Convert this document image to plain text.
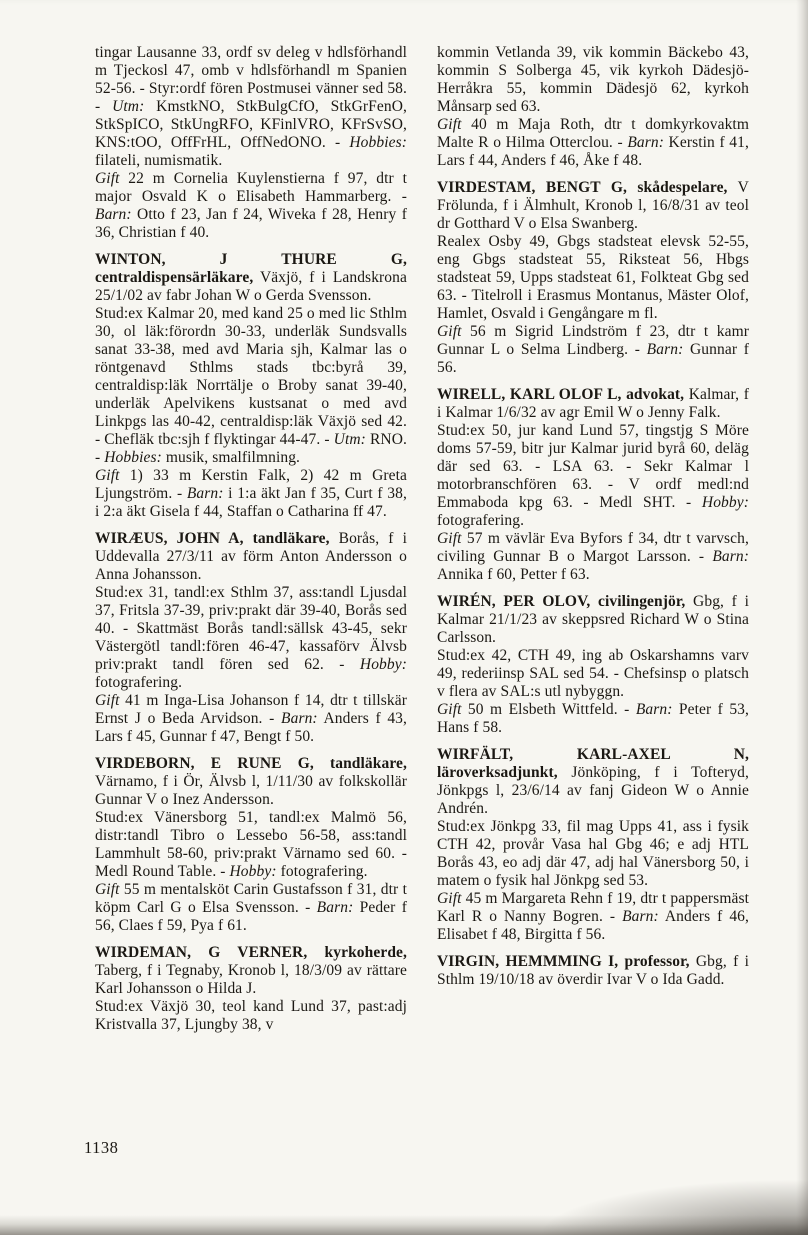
tingar Lausanne 33, ordf sv deleg v hdlsförhandl m Tjeckosl 47, omb v hdlsförhandl m Spanien 52-56. - Styr:ordf fören Postmusei vänner sed 58. - Utm: KmstkNO, StkBulgCfO, StkGrFenO, StkSpICO, StkUngRFO, KFinlVRO, KFrSvSO, KNS:tOO, OffFrHL, OffNedONO. - Hobbies: filateli, numismatik.

Gift 22 m Cornelia Kuylenstierna f 97, dtr t major Osvald K o Elisabeth Hammarberg. - Barn: Otto f 23, Jan f 24, Wiveka f 28, Henry f 36, Christian f 40.

WINTON, J THURE G, centraldispensärläkare, Växjö, f i Landskrona 25/1/02 av fabr Johan W o Gerda Svensson.

Stud:ex Kalmar 20, med kand 25 o med lic Sthlm 30, ol läk:förordn 30-33, underläk Sundsvalls sanat 33-38, med avd Maria sjh, Kalmar las o röntgenavd Sthlms stads tbc:byrå 39, centraldisp:läk Norrtälje o Broby sanat 39-40, underläk Apelvikens kustsanat o med avd Linkpgs las 40-42, centraldisp:läk Växjö sed 42. - Chefläk tbc:sjh f flyktingar 44-47. - Utm: RNO. - Hobbies: musik, smalfilmning.

Gift 1) 33 m Kerstin Falk, 2) 42 m Greta Ljungström. - Barn: i 1:a äkt Jan f 35, Curt f 38, i 2:a äkt Gisela f 44, Staffan o Catharina ff 47.

WIRÆUS, JOHN A, tandläkare, Borås, f i Uddevalla 27/3/11 av förm Anton Andersson o Anna Johansson.

Stud:ex 31, tandl:ex Sthlm 37, ass:tandl Ljusdal 37, Fritsla 37-39, priv:prakt där 39-40, Borås sed 40. - Skattmäst Borås tandl:sällsk 43-45, sekr Västergötl tandl:fören 46-47, kassaförv Älvsb priv:prakt tandl fören sed 62. - Hobby: fotografering.

Gift 41 m Inga-Lisa Johanson f 14, dtr t tillskär Ernst J o Beda Arvidson. - Barn: Anders f 43, Lars f 45, Gunnar f 47, Bengt f 50.

VIRDEBORN, E RUNE G, tandläkare, Värnamo, f i Ör, Älvsb l, 1/11/30 av folkskollär Gunnar V o Inez Andersson.

Stud:ex Vänersborg 51, tandl:ex Malmö 56, distr:tandl Tibro o Lessebo 56-58, ass:tandl Lammhult 58-60, priv:prakt Värnamo sed 60. - Medl Round Table. - Hobby: fotografering.

Gift 55 m mentalsköt Carin Gustafsson f 31, dtr t köpm Carl G o Elsa Svensson. - Barn: Peder f 56, Claes f 59, Pya f 61.

WIRDEMAN, G VERNER, kyrkoherde, Taberg, f i Tegnaby, Kronob l, 18/3/09 av rättare Karl Johansson o Hilda J.

Stud:ex Växjö 30, teol kand Lund 37, past:adj Kristvalla 37, Ljungby 38, v

kommin Vetlanda 39, vik kommin Bäckebo 43, kommin S Solberga 45, vik kyrkoh Dädesjö-Herråkra 55, kommin Dädesjö 62, kyrkoh Månsarp sed 63.

Gift 40 m Maja Roth, dtr t domkyrkovaktm Malte R o Hilma Otterclou. - Barn: Kerstin f 41, Lars f 44, Anders f 46, Åke f 48.

VIRDESTAM, BENGT G, skådespelare, V Frölunda, f i Älmhult, Kronob l, 16/8/31 av teol dr Gotthard V o Elsa Swanberg.

Realex Osby 49, Gbgs stadsteat elevsk 52-55, eng Gbgs stadsteat 55, Riksteat 56, Hbgs stadsteat 59, Upps stadsteat 61, Folkteat Gbg sed 63. - Titelroll i Erasmus Montanus, Mäster Olof, Hamlet, Osvald i Gengångare m fl.

Gift 56 m Sigrid Lindström f 23, dtr t kamr Gunnar L o Selma Lindberg. - Barn: Gunnar f 56.

WIRELL, KARL OLOF L, advokat, Kalmar, f i Kalmar 1/6/32 av agr Emil W o Jenny Falk.

Stud:ex 50, jur kand Lund 57, tingstjg S Möre doms 57-59, bitr jur Kalmar jurid byrå 60, deläg där sed 63. - LSA 63. - Sekr Kalmar l motorbranschfören 63. - V ordf medl:nd Emmaboda kpg 63. - Medl SHT. - Hobby: fotografering.

Gift 57 m vävlär Eva Byfors f 34, dtr t varvsch, civiling Gunnar B o Margot Larsson. - Barn: Annika f 60, Petter f 63.

WIRÉN, PER OLOV, civilingenjör, Gbg, f i Kalmar 21/1/23 av skeppsred Richard W o Stina Carlsson.

Stud:ex 42, CTH 49, ing ab Oskarshamns varv 49, rederiinsp SAL sed 54. - Chefsinsp o platsch v flera av SAL:s utl nybyggn.

Gift 50 m Elsbeth Wittfeld. - Barn: Peter f 53, Hans f 58.

WIRFÄLT, KARL-AXEL N, läroverksadjunkt, Jönköping, f i Tofteryd, Jönkpgs l, 23/6/14 av fanj Gideon W o Annie Andrén.

Stud:ex Jönkpg 33, fil mag Upps 41, ass i fysik CTH 42, provår Vasa hal Gbg 46; e adj HTL Borås 43, eo adj där 47, adj hal Vänersborg 50, i matem o fysik hal Jönkpg sed 53.

Gift 45 m Margareta Rehn f 19, dtr t pappersmäst Karl R o Nanny Bogren. - Barn: Anders f 46, Elisabet f 48, Birgitta f 56.

VIRGIN, HEMMMING I, professor, Gbg, f i Sthlm 19/10/18 av överdir Ivar V o Ida Gadd.

1138
